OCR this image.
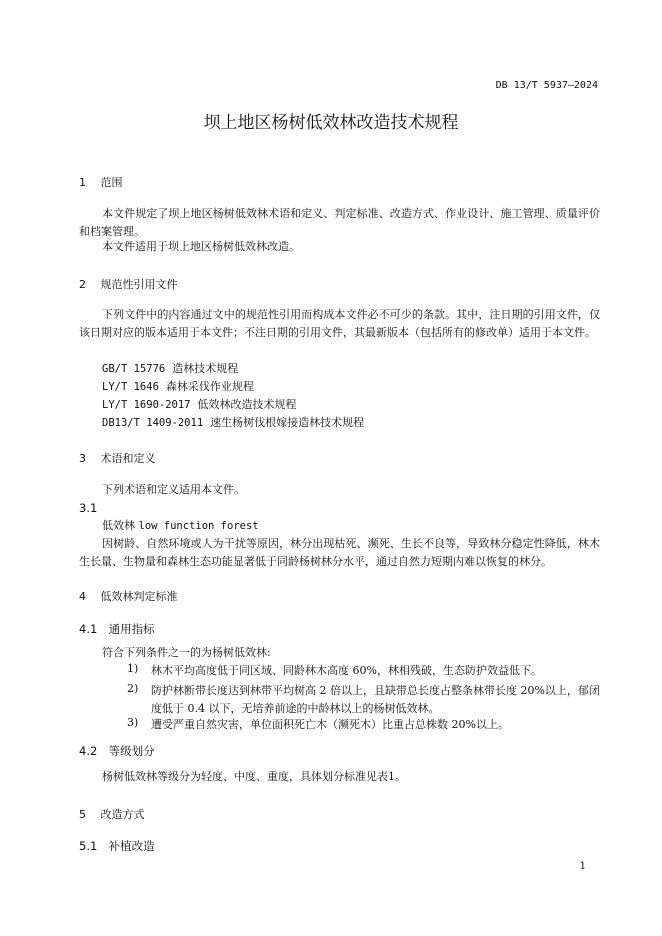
DB 13/T 5937—2024
坝上地区杨树低效林改造技术规程
1 范围
本文件规定了坝上地区杨树低效林术语和定义、判定标准、改造方式、作业设计、施工管理、质量评价和档案管理。
本文件适用于坝上地区杨树低效林改造。
2 规范性引用文件
下列文件中的内容通过文中的规范性引用而构成本文件必不可少的条款。其中，注日期的引用文件，仅该日期对应的版本适用于本文件；不注日期的引用文件，其最新版本（包括所有的修改单）适用于本文件。
GB/T 15776 造林技术规程
LY/T 1646 森林采伐作业规程
LY/T 1690-2017 低效林改造技术规程
DB13/T 1409-2011 速生杨树伐根嫁接造林技术规程
3 术语和定义
下列术语和定义适用本文件。
3.1
低效林 low function forest
因树龄、自然环境或人为干扰等原因，林分出现枯死、濒死、生长不良等，导致林分稳定性降低，林木生长量、生物量和森林生态功能显著低于同龄杨树林分水平，通过自然力短期内难以恢复的林分。
4 低效林判定标准
4.1 通用指标
符合下列条件之一的为杨树低效林:
1) 林木平均高度低于同区域、同龄林木高度 60%，林相残破，生态防护效益低下。
2) 防护林断带长度达到林带平均树高 2 倍以上，且缺带总长度占整条林带长度 20%以上，郁闭度低于 0.4 以下，无培养前途的中龄林以上的杨树低效林。
3) 遭受严重自然灾害，单位面积死亡木（濒死木）比重占总株数 20%以上。
4.2 等级划分
杨树低效林等级分为轻度、中度、重度，具体划分标准见表1。
5 改造方式
5.1 补植改造
1
